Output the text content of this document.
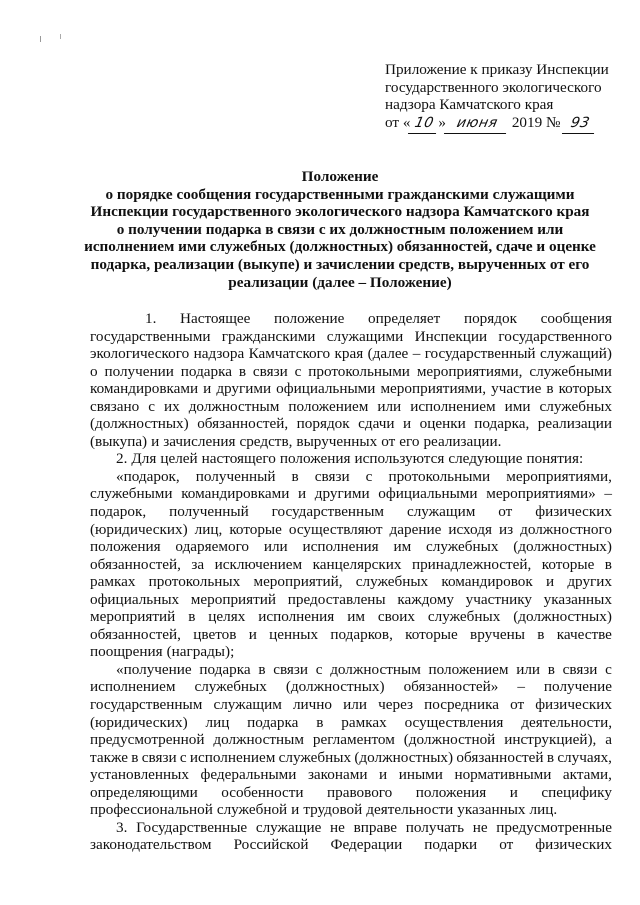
Приложение к приказу Инспекции
государственного экологического
надзора Камчатского края
от « 10 » июня 2019 № 93
Положение
о порядке сообщения государственными гражданскими служащими
Инспекции государственного экологического надзора Камчатского края
о получении подарка в связи с их должностным положением или
исполнением ими служебных (должностных) обязанностей, сдаче и оценке
подарка, реализации (выкупе) и зачислении средств, вырученных от его
реализации (далее – Положение)
1. Настоящее положение определяет порядок сообщения
государственными гражданскими служащими Инспекции государственного
экологического надзора Камчатского края (далее – государственный служащий)
о получении подарка в связи с протокольными мероприятиями, служебными
командировками и другими официальными мероприятиями, участие в которых
связано с их должностным положением или исполнением ими служебных
(должностных) обязанностей, порядок сдачи и оценки подарка, реализации
(выкупа) и зачисления средств, вырученных от его реализации.
2. Для целей настоящего положения используются следующие понятия:
«подарок, полученный в связи с протокольными мероприятиями,
служебными командировками и другими официальными мероприятиями» –
подарок, полученный государственным служащим от физических
(юридических) лиц, которые осуществляют дарение исходя из должностного
положения одаряемого или исполнения им служебных (должностных)
обязанностей, за исключением канцелярских принадлежностей, которые в
рамках протокольных мероприятий, служебных командировок и других
официальных мероприятий предоставлены каждому участнику указанных
мероприятий в целях исполнения им своих служебных (должностных)
обязанностей, цветов и ценных подарков, которые вручены в качестве
поощрения (награды);
«получение подарка в связи с должностным положением или в связи с
исполнением служебных (должностных) обязанностей» – получение
государственным служащим лично или через посредника от физических
(юридических) лиц подарка в рамках осуществления деятельности,
предусмотренной должностным регламентом (должностной инструкцией), а
также в связи с исполнением служебных (должностных) обязанностей в случаях,
установленных федеральными законами и иными нормативными актами,
определяющими особенности правового положения и специфику
профессиональной служебной и трудовой деятельности указанных лиц.
3. Государственные служащие не вправе получать не предусмотренные
законодательством Российской Федерации подарки от физических
